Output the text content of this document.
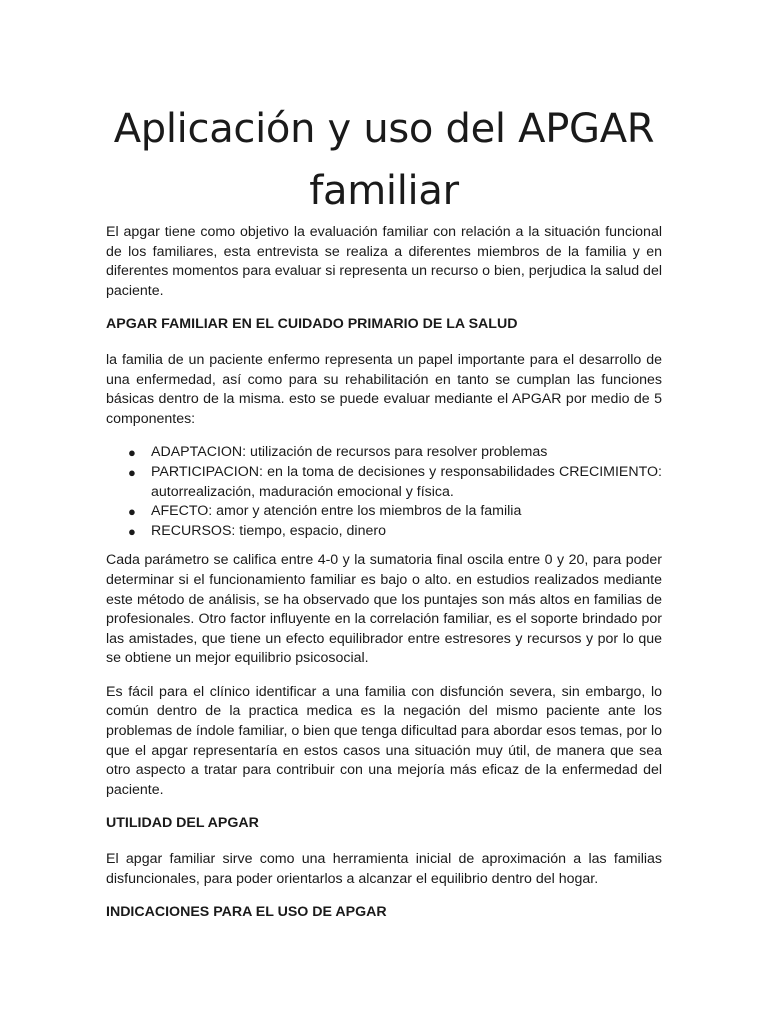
Aplicación y uso del APGAR familiar

El apgar tiene como objetivo la evaluación familiar con relación a la situación funcional de los familiares, esta entrevista se realiza a diferentes miembros de la familia y en diferentes momentos para evaluar si representa un recurso o bien, perjudica la salud del paciente.

APGAR FAMILIAR EN EL CUIDADO PRIMARIO DE LA SALUD

la familia de un paciente enfermo representa un papel importante para el desarrollo de una enfermedad, así como para su rehabilitación en tanto se cumplan las funciones básicas dentro de la misma. esto se puede evaluar mediante el APGAR por medio de 5 componentes:

● ADAPTACION: utilización de recursos para resolver problemas
● PARTICIPACION: en la toma de decisiones y responsabilidades CRECIMIENTO: autorrealización, maduración emocional y física.
● AFECTO: amor y atención entre los miembros de la familia
● RECURSOS: tiempo, espacio, dinero

Cada parámetro se califica entre 4-0 y la sumatoria final oscila entre 0 y 20, para poder determinar si el funcionamiento familiar es bajo o alto. en estudios realizados mediante este método de análisis, se ha observado que los puntajes son más altos en familias de profesionales. Otro factor influyente en la correlación familiar, es el soporte brindado por las amistades, que tiene un efecto equilibrador entre estresores y recursos y por lo que se obtiene un mejor equilibrio psicosocial.

Es fácil para el clínico identificar a una familia con disfunción severa, sin embargo, lo común dentro de la practica medica es la negación del mismo paciente ante los problemas de índole familiar, o bien que tenga dificultad para abordar esos temas, por lo que el apgar representaría en estos casos una situación muy útil, de manera que sea otro aspecto a tratar para contribuir con una mejoría más eficaz de la enfermedad del paciente.

UTILIDAD DEL APGAR

El apgar familiar sirve como una herramienta inicial de aproximación a las familias disfuncionales, para poder orientarlos a alcanzar el equilibrio dentro del hogar.

INDICACIONES PARA EL USO DE APGAR
